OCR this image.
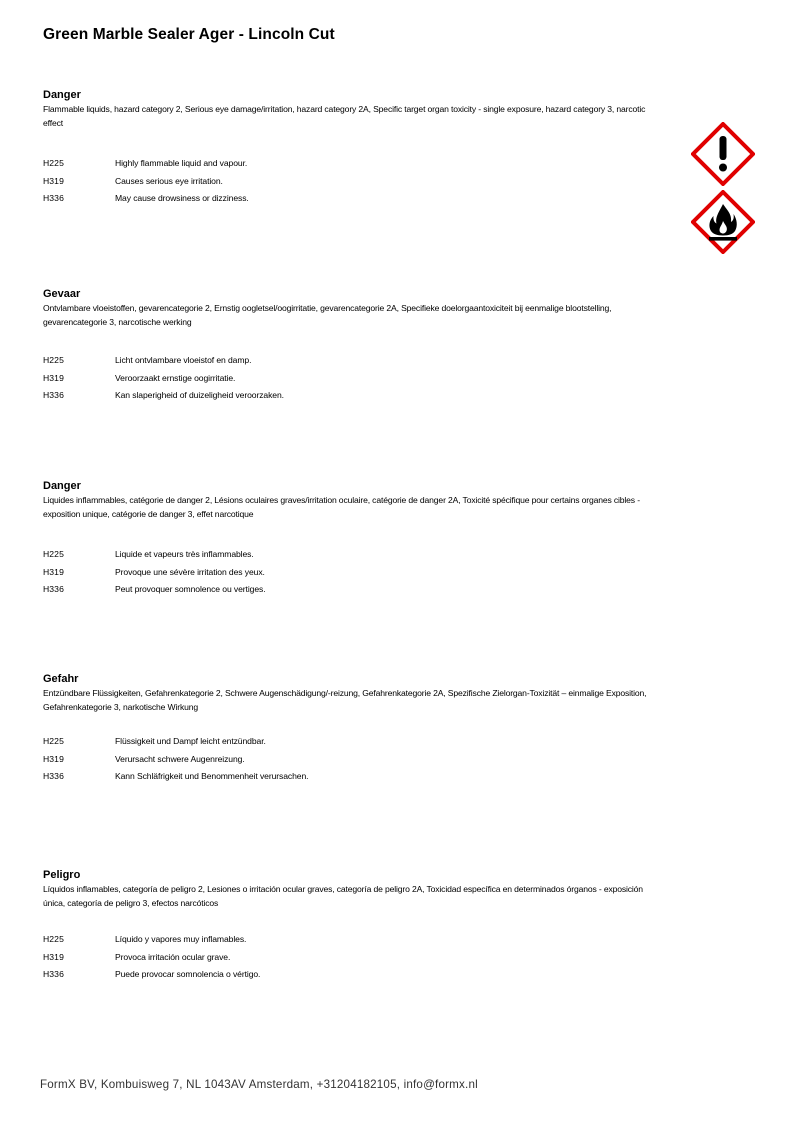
Green Marble Sealer Ager - Lincoln Cut
Danger
Flammable liquids, hazard category 2, Serious eye damage/irritation, hazard category 2A, Specific target organ toxicity - single exposure, hazard category 3, narcotic effect
H225	Highly flammable liquid and vapour.
H319	Causes serious eye irritation.
H336	May cause drowsiness or dizziness.
Gevaar
Ontvlambare vloeistoffen, gevarencategorie 2, Ernstig oogletsel/oogirritatie, gevarencategorie 2A, Specifieke doelorgaantoxiciteit bij eenmalige blootstelling, gevarencategorie 3, narcotische werking
H225	Licht ontvlambare vloeistof en damp.
H319	Veroorzaakt ernstige oogirritatie.
H336	Kan slaperigheid of duizeligheid veroorzaken.
Danger
Liquides inflammables, catégorie de danger 2, Lésions oculaires graves/irritation oculaire, catégorie de danger 2A, Toxicité spécifique pour certains organes cibles - exposition unique, catégorie de danger 3, effet narcotique
H225	Liquide et vapeurs très inflammables.
H319	Provoque une sévère irritation des yeux.
H336	Peut provoquer somnolence ou vertiges.
Gefahr
Entzündbare Flüssigkeiten, Gefahrenkategorie 2, Schwere Augenschädigung/-reizung, Gefahrenkategorie 2A, Spezifische Zielorgan-Toxizität – einmalige Exposition, Gefahrenkategorie 3, narkotische Wirkung
H225	Flüssigkeit und Dampf leicht entzündbar.
H319	Verursacht schwere Augenreizung.
H336	Kann Schläfrigkeit und Benommenheit verursachen.
Peligro
Líquidos inflamables, categoría de peligro 2, Lesiones o irritación ocular graves, categoría de peligro 2A, Toxicidad específica en determinados órganos - exposición única, categoría de peligro 3, efectos narcóticos
H225	Líquido y vapores muy inflamables.
H319	Provoca irritación ocular grave.
H336	Puede provocar somnolencia o vértigo.
FormX BV, Kombuisweg 7, NL 1043AV Amsterdam, +31204182105, info@formx.nl
